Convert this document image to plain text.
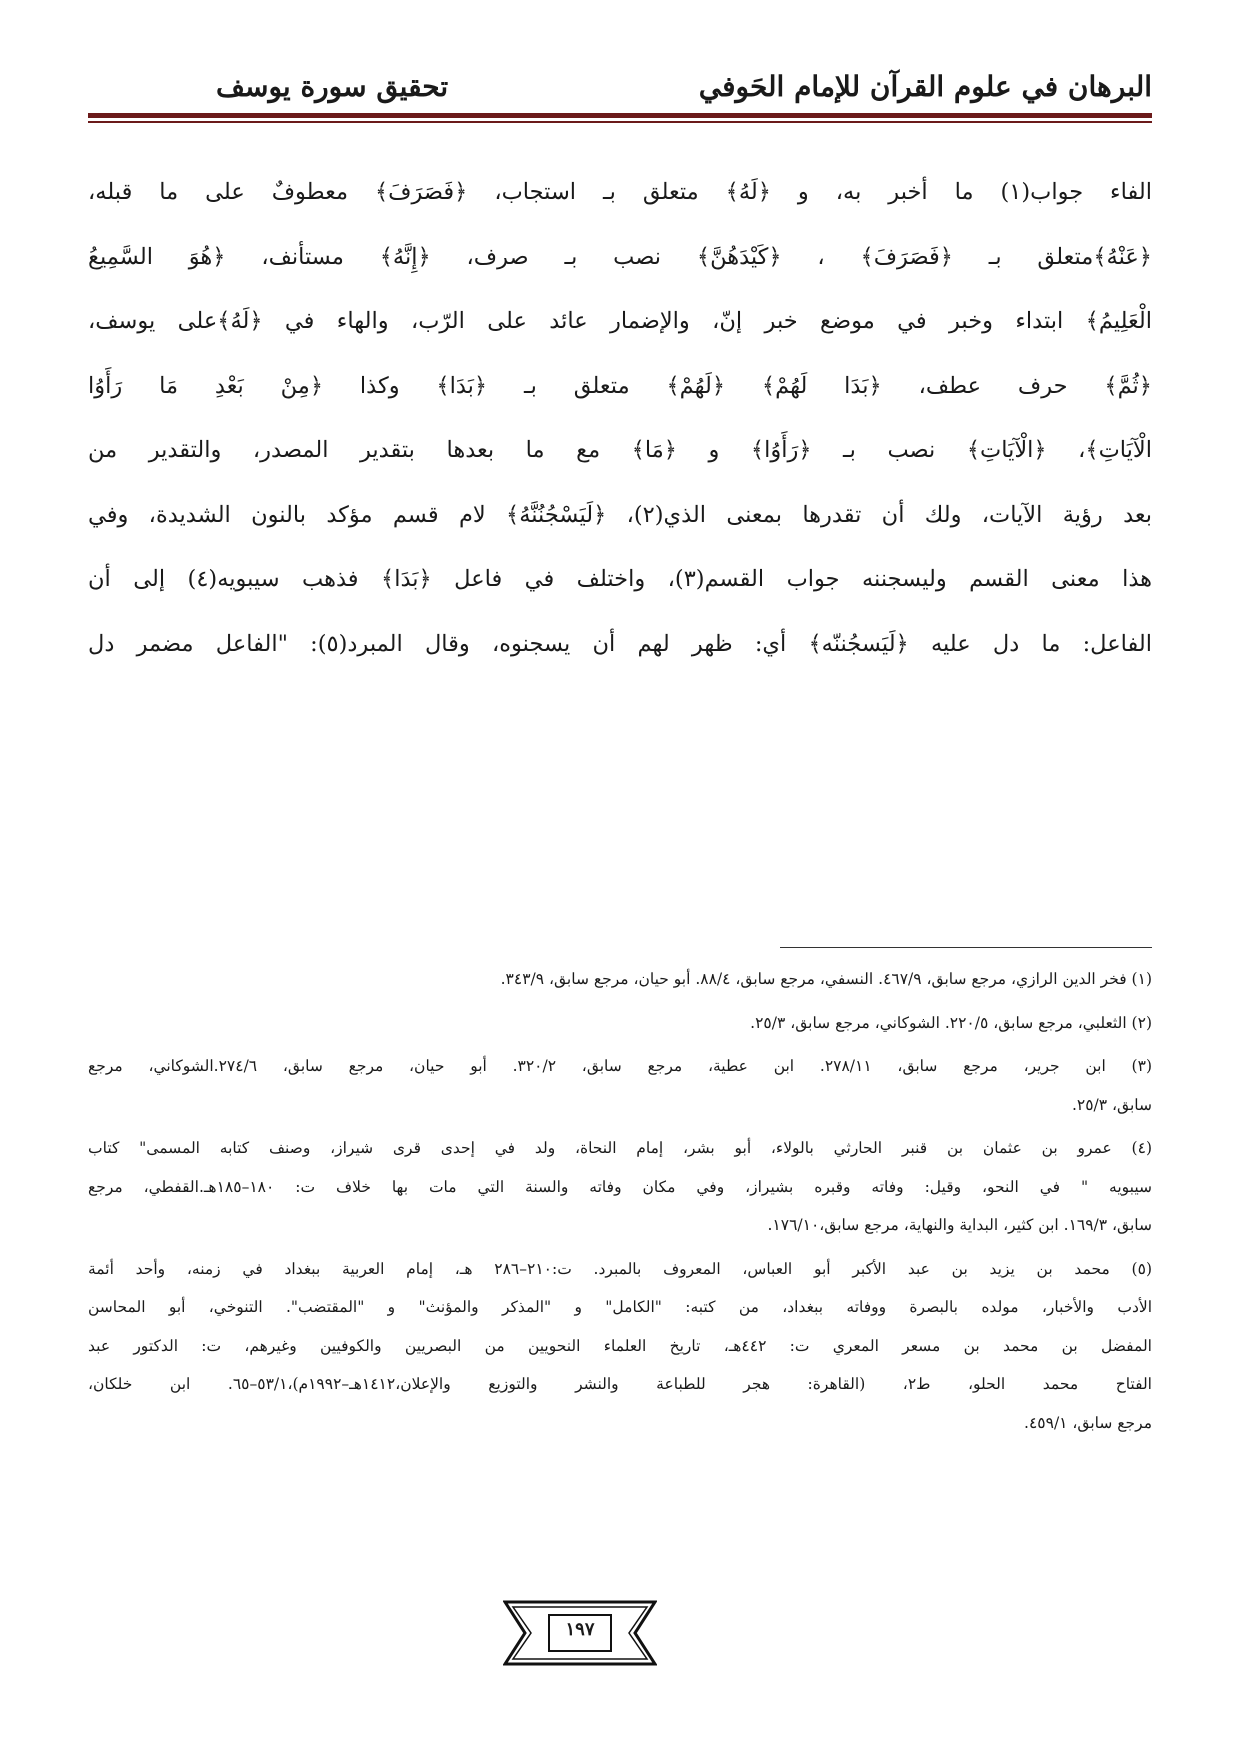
البرهان في علوم القرآن للإمام الحَوفي
تحقيق سورة يوسف
الفاء جواب(١) ما أخبر به، و ﴿لَهُ﴾ متعلق بـ استجاب، ﴿فَصَرَفَ﴾ معطوفٌ على ما قبله،
﴿عَنْهُ﴾متعلق بـ ﴿فَصَرَفَ﴾ ، ﴿كَيْدَهُنَّ﴾ نصب بـ صرف، ﴿إِنَّهُ﴾ مستأنف، ﴿هُوَ السَّمِيعُ
الْعَلِيمُ﴾ ابتداء وخبر في موضع خبر إنّ، والإضمار عائد على الرّب، والهاء في ﴿لَهُ﴾على يوسف،
﴿ثُمَّ﴾ حرف عطف، ﴿بَدَا لَهُمْ﴾ ﴿لَهُمْ﴾ متعلق بـ ﴿بَدَا﴾ وكذا ﴿مِنْ بَعْدِ مَا رَأَوُا
الْآيَاتِ﴾، ﴿الْآيَاتِ﴾ نصب بـ ﴿رَأَوُا﴾ و ﴿مَا﴾ مع ما بعدها بتقدير المصدر، والتقدير من
بعد رؤية الآيات، ولك أن تقدرها بمعنى الذي(٢)، ﴿لَيَسْجُنُنَّهُ﴾ لام قسم مؤكد بالنون الشديدة، وفي
هذا معنى القسم وليسجننه جواب القسم(٣)، واختلف في فاعل ﴿بَدَا﴾ فذهب سيبويه(٤) إلى أن
الفاعل: ما دل عليه ﴿لَيَسجُننّه﴾ أي: ظهر لهم أن يسجنوه، وقال المبرد(٥): "الفاعل مضمر دل
(١) فخر الدين الرازي، مرجع سابق، ٤٦٧/٩. النسفي، مرجع سابق، ٨٨/٤. أبو حيان، مرجع سابق، ٣٤٣/٩.
(٢) الثعلبي، مرجع سابق، ٢٢٠/٥. الشوكاني، مرجع سابق، ٢٥/٣.
(٣) ابن جرير، مرجع سابق، ٢٧٨/١١. ابن عطية، مرجع سابق، ٣٢٠/٢. أبو حيان، مرجع سابق، ٢٧٤/٦.الشوكاني، مرجع
سابق، ٢٥/٣.
(٤) عمرو بن عثمان بن قنبر الحارثي بالولاء، أبو بشر، إمام النحاة، ولد في إحدى قرى شيراز، وصنف كتابه المسمى" كتاب
سيبويه " في النحو، وقيل: وفاته وقبره بشيراز، وفي مكان وفاته والسنة التي مات بها خلاف ت: ١٨٠–١٨٥هـ.القفطي، مرجع
سابق، ١٦٩/٣. ابن كثير، البداية والنهاية، مرجع سابق،١٧٦/١٠.
(٥) محمد بن يزيد بن عبد الأكبر أبو العباس، المعروف بالمبرد. ت:٢١٠–٢٨٦ هـ، إمام العربية ببغداد في زمنه، وأحد أئمة
الأدب والأخبار، مولده بالبصرة ووفاته ببغداد، من كتبه: "الكامل" و "المذكر والمؤنث" و "المقتضب". التنوخي، أبو المحاسن
المفضل بن محمد بن مسعر المعري ت: ٤٤٢هـ، تاريخ العلماء النحويين من البصريين والكوفيين وغيرهم، ت: الدكتور عبد
الفتاح محمد الحلو، ط٢، (القاهرة: هجر للطباعة والنشر والتوزيع والإعلان،١٤١٢هـ–١٩٩٢م)،٥٣/١–٦٥. ابن خلكان،
مرجع سابق، ٤٥٩/١.
١٩٧
